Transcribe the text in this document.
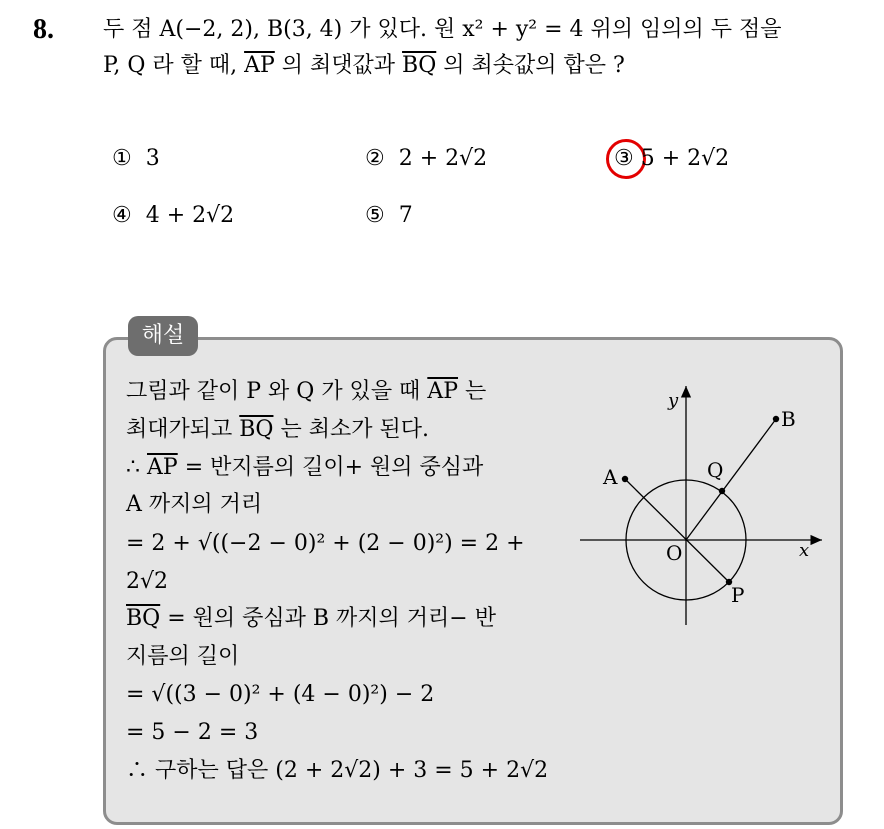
8. 두 점 A(−2, 2), B(3, 4) 가 있다. 원 x² + y² = 4 위의 임의의 두 점을
P, Q 라 할 때, $\overline{AP}$ 의 최댓값과 $\overline{BQ}$ 의 최솟값의 합은 ?
① 3	② 2 + 2√2	③ 5 + 2√2
④ 4 + 2√2	⑤ 7
해설
그림과 같이 P 와 Q 가 있을 때 $\overline{AP}$ 는
최대가되고 $\overline{BQ}$ 는 최소가 된다.
∴ $\overline{AP}$ = 반지름의 길이+ 원의 중심과
A 까지의 거리
= 2 + √((−2 − 0)² + (2 − 0)²) = 2 +
2√2
$\overline{BQ}$ = 원의 중심과 B 까지의 거리− 반
지름의 길이
= √((3 − 0)² + (4 − 0)²) − 2
= 5 − 2 = 3
∴ 구하는 답은 (2 + 2√2) + 3 = 5 + 2√2
A
B
Q
P
O	x
y
